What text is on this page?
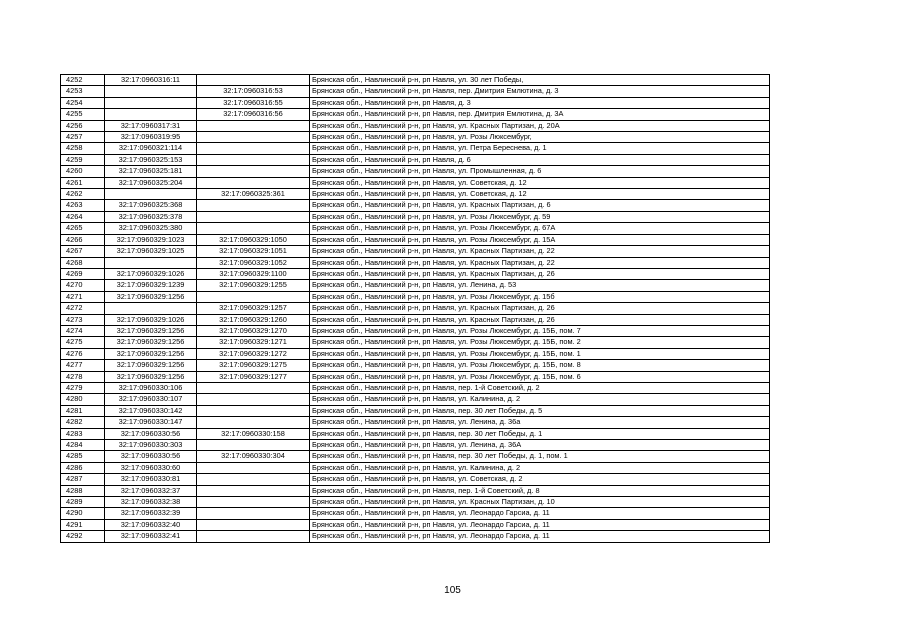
4252	32:17:0960316:11		Брянская обл., Навлинский р-н, рп Навля, ул. 30 лет Победы,
4253		32:17:0960316:53	Брянская обл., Навлинский р-н, рп Навля, пер. Дмитрия Емлютина, д. 3
4254		32:17:0960316:55	Брянская обл., Навлинский р-н, рп Навля, д. 3
4255		32:17:0960316:56	Брянская обл., Навлинский р-н, рп Навля, пер. Дмитрия Емлютина, д. 3А
4256	32:17:0960317:31		Брянская обл., Навлинский р-н, рп Навля, ул. Красных Партизан, д. 20А
4257	32:17:0960319:95		Брянская обл., Навлинский р-н, рп Навля, ул. Розы Люксембург,
4258	32:17:0960321:114		Брянская обл., Навлинский р-н, рп Навля, ул. Петра Береснева, д. 1
4259	32:17:0960325:153		Брянская обл., Навлинский р-н, рп Навля, д. 6
4260	32:17:0960325:181		Брянская обл., Навлинский р-н, рп Навля, ул. Промышленная, д. 6
4261	32:17:0960325:204		Брянская обл., Навлинский р-н, рп Навля, ул. Советская, д. 12
4262		32:17:0960325:361	Брянская обл., Навлинский р-н, рп Навля, ул. Советская, д. 12
4263	32:17:0960325:368		Брянская обл., Навлинский р-н, рп Навля, ул. Красных Партизан, д. 6
4264	32:17:0960325:378		Брянская обл., Навлинский р-н, рп Навля, ул. Розы Люксембург, д. 59
4265	32:17:0960325:380		Брянская обл., Навлинский р-н, рп Навля, ул. Розы Люксембург, д. 67А
4266	32:17:0960329:1023	32:17:0960329:1050	Брянская обл., Навлинский р-н, рп Навля, ул. Розы Люксембург, д. 15А
4267	32:17:0960329:1025	32:17:0960329:1051	Брянская обл., Навлинский р-н, рп Навля, ул. Красных Партизан, д. 22
4268		32:17:0960329:1052	Брянская обл., Навлинский р-н, рп Навля, ул. Красных Партизан, д. 22
4269	32:17:0960329:1026	32:17:0960329:1100	Брянская обл., Навлинский р-н, рп Навля, ул. Красных Партизан, д. 26
4270	32:17:0960329:1239	32:17:0960329:1255	Брянская обл., Навлинский р-н, рп Навля, ул. Ленина, д. 53
4271	32:17:0960329:1256		Брянская обл., Навлинский р-н, рп Навля, ул. Розы Люксембург, д. 15б
4272		32:17:0960329:1257	Брянская обл., Навлинский р-н, рп Навля, ул. Красных Партизан, д. 26
4273	32:17:0960329:1026	32:17:0960329:1260	Брянская обл., Навлинский р-н, рп Навля, ул. Красных Партизан, д. 26
4274	32:17:0960329:1256	32:17:0960329:1270	Брянская обл., Навлинский р-н, рп Навля, ул. Розы Люксембург, д. 15Б, пом. 7
4275	32:17:0960329:1256	32:17:0960329:1271	Брянская обл., Навлинский р-н, рп Навля, ул. Розы Люксембург, д. 15Б, пом. 2
4276	32:17:0960329:1256	32:17:0960329:1272	Брянская обл., Навлинский р-н, рп Навля, ул. Розы Люксембург, д. 15Б, пом. 1
4277	32:17:0960329:1256	32:17:0960329:1275	Брянская обл., Навлинский р-н, рп Навля, ул. Розы Люксембург, д. 15Б, пом. 8
4278	32:17:0960329:1256	32:17:0960329:1277	Брянская обл., Навлинский р-н, рп Навля, ул. Розы Люксембург, д. 15Б, пом. 6
4279	32:17:0960330:106		Брянская обл., Навлинский р-н, рп Навля, пер. 1-й Советский, д. 2
4280	32:17:0960330:107		Брянская обл., Навлинский р-н, рп Навля, ул. Калинина, д. 2
4281	32:17:0960330:142		Брянская обл., Навлинский р-н, рп Навля, пер. 30 лет Победы, д. 5
4282	32:17:0960330:147		Брянская обл., Навлинский р-н, рп Навля, ул. Ленина, д. 36а
4283	32:17:0960330:56	32:17:0960330:158	Брянская обл., Навлинский р-н, рп Навля, пер. 30 лет Победы, д. 1
4284	32:17:0960330:303		Брянская обл., Навлинский р-н, рп Навля, ул. Ленина, д. 36А
4285	32:17:0960330:56	32:17:0960330:304	Брянская обл., Навлинский р-н, рп Навля, пер. 30 лет Победы, д. 1, пом. 1
4286	32:17:0960330:60		Брянская обл., Навлинский р-н, рп Навля, ул. Калинина, д. 2
4287	32:17:0960330:81		Брянская обл., Навлинский р-н, рп Навля, ул. Советская, д. 2
4288	32:17:0960332:37		Брянская обл., Навлинский р-н, рп Навля, пер. 1-й Советский, д. 8
4289	32:17:0960332:38		Брянская обл., Навлинский р-н, рп Навля, ул. Красных Партизан, д. 10
4290	32:17:0960332:39		Брянская обл., Навлинский р-н, рп Навля, ул. Леонардо Гарсиа, д. 11
4291	32:17:0960332:40		Брянская обл., Навлинский р-н, рп Навля, ул. Леонардо Гарсиа, д. 11
4292	32:17:0960332:41		Брянская обл., Навлинский р-н, рп Навля, ул. Леонардо Гарсиа, д. 11
105
